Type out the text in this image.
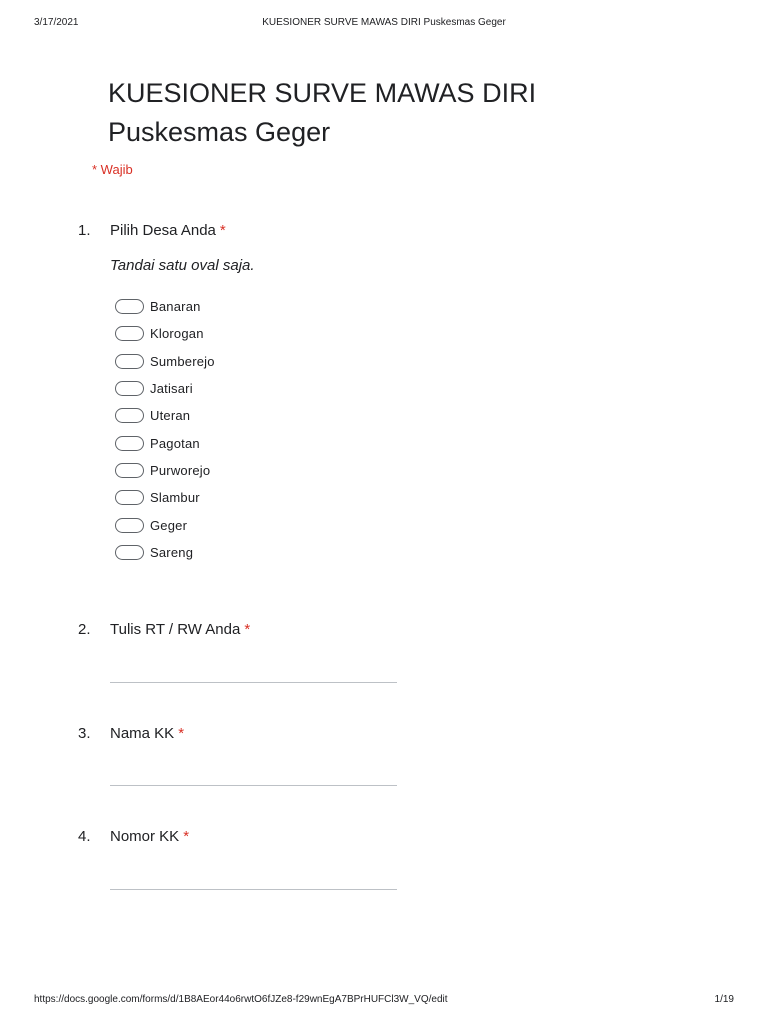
3/17/2021	KUESIONER SURVE MAWAS DIRI Puskesmas Geger
KUESIONER SURVE MAWAS DIRI
Puskesmas Geger
* Wajib
1. Pilih Desa Anda *
Tandai satu oval saja.
Banaran
Klorogan
Sumberejo
Jatisari
Uteran
Pagotan
Purworejo
Slambur
Geger
Sareng
2. Tulis RT / RW Anda *
3. Nama KK *
4. Nomor KK *
https://docs.google.com/forms/d/1B8AEor44o6rwtO6fJZe8-f29wnEgA7BPrHUFCl3W_VQ/edit	1/19
